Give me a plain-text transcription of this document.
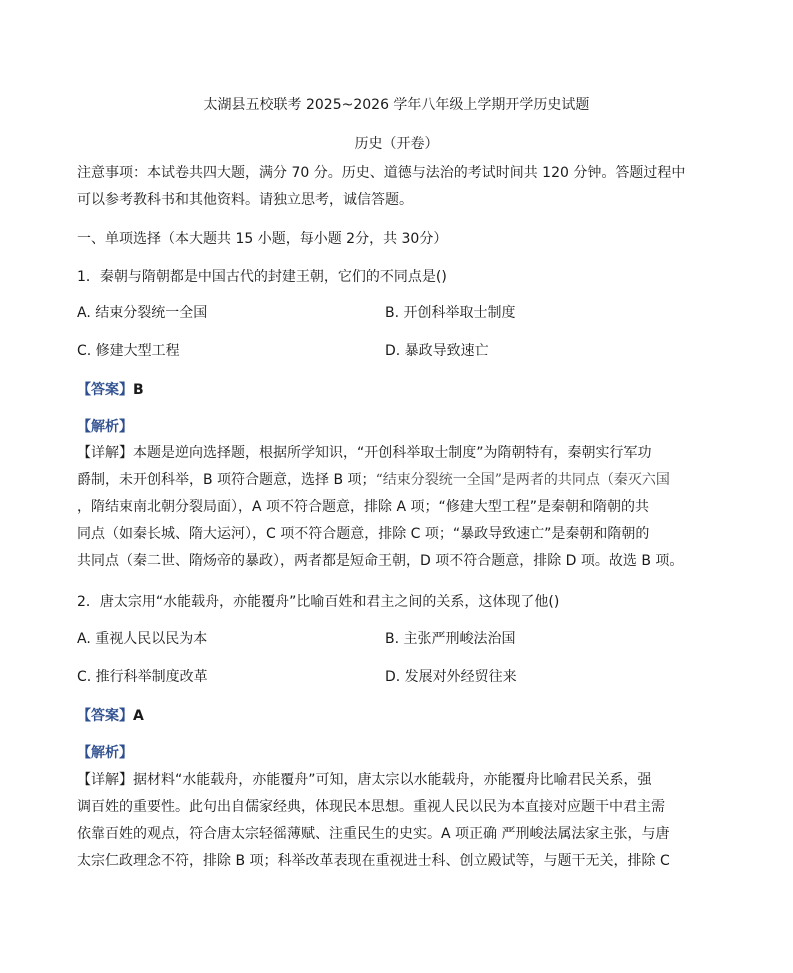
太湖县五校联考 2025~2026 学年八年级上学期开学历史试题
历史（开卷）
注意事项：本试卷共四大题，满分 70 分。历史、道德与法治的考试时间共 120 分钟。答题过程中
可以参考教科书和其他资料。请独立思考，诚信答题。
一、单项选择（本大题共 15 小题，每小题 2分，共 30分）
1．秦朝与隋朝都是中国古代的封建王朝，它们的不同点是()
A. 结束分裂统一全国	B. 开创科举取士制度
C. 修建大型工程	D. 暴政导致速亡
【答案】B
【解析】
【详解】本题是逆向选择题，根据所学知识，“开创科举取士制度”为隋朝特有，秦朝实行军功
爵制，未开创科举，B 项符合题意，选择 B 项；“结束分裂统一全国”是两者的共同点（秦灭六国
，隋结束南北朝分裂局面），A 项不符合题意，排除 A 项；“修建大型工程”是秦朝和隋朝的共
同点（如秦长城、隋大运河），C 项不符合题意，排除 C 项；“暴政导致速亡”是秦朝和隋朝的
共同点（秦二世、隋炀帝的暴政），两者都是短命王朝，D 项不符合题意，排除 D 项。故选 B 项。
2．唐太宗用“水能载舟，亦能覆舟”比喻百姓和君主之间的关系，这体现了他()
A. 重视人民以民为本	B. 主张严刑峻法治国
C. 推行科举制度改革	D. 发展对外经贸往来
【答案】A
【解析】
【详解】据材料“水能载舟，亦能覆舟”可知，唐太宗以水能载舟，亦能覆舟比喻君民关系，强
调百姓的重要性。此句出自儒家经典，体现民本思想。重视人民以民为本直接对应题干中君主需
依靠百姓的观点，符合唐太宗轻徭薄赋、注重民生的史实。A 项正确 严刑峻法属法家主张，与唐
太宗仁政理念不符，排除 B 项；科举改革表现在重视进士科、创立殿试等，与题干无关，排除 C
